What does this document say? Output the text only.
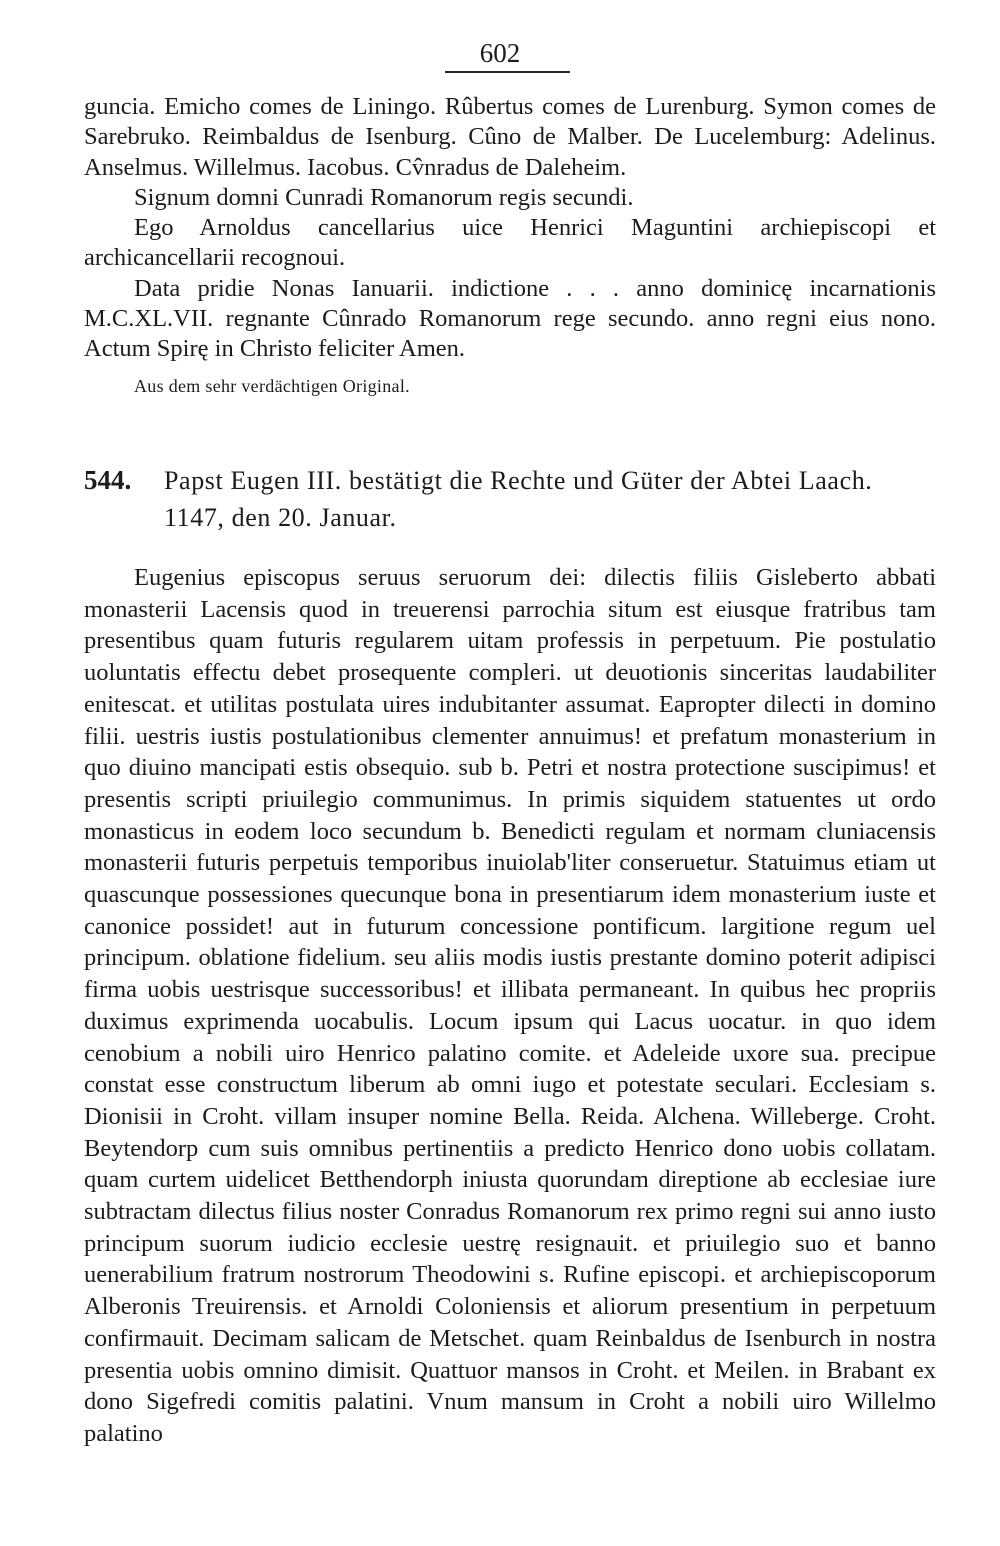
602

guncia. Emicho comes de Liningo. Rûbertus comes de Lurenburg. Symon comes de Sarebruko. Reimbaldus de Isenburg. Cûno de Malber. De Lucelemburg: Adelinus. Anselmus. Willelmus. Iacobus. Cv̂nradus de Daleheim.

Signum domni Cunradi Romanorum regis secundi.

Ego Arnoldus cancellarius uice Henrici Maguntini archiepiscopi et archicancellarii recognoui.

Data pridie Nonas Ianuarii. indictione . . . anno dominicę incarnationis M.C.XL.VII. regnante Cûnrado Romanorum rege secundo. anno regni eius nono. Actum Spirę in Christo feliciter Amen.

Aus dem sehr verdächtigen Original.

544. Papst Eugen III. bestätigt die Rechte und Güter der Abtei Laach.
1147, den 20. Januar.

Eugenius episcopus seruus seruorum dei: dilectis filiis Gisleberto abbati monasterii Lacensis quod in treuerensi parrochia situm est eiusque fratribus tam presentibus quam futuris regularem uitam professis in perpetuum. Pie postulatio uoluntatis effectu debet prosequente compleri. ut deuotionis sinceritas laudabiliter enitescat. et utilitas postulata uires indubitanter assumat. Eapropter dilecti in domino filii. uestris iustis postulationibus clementer annuimus! et prefatum monasterium in quo diuino mancipati estis obsequio. sub b. Petri et nostra protectione suscipimus! et presentis scripti priuilegio communimus. In primis siquidem statuentes ut ordo monasticus in eodem loco secundum b. Benedicti regulam et normam cluniacensis monasterii futuris perpetuis temporibus inuiolab'liter conseruetur. Statuimus etiam ut quascunque possessiones quecunque bona in presentiarum idem monasterium iuste et canonice possidet! aut in futurum concessione pontificum. largitione regum uel principum. oblatione fidelium. seu aliis modis iustis prestante domino poterit adipisci firma uobis uestrisque successoribus! et illibata permaneant. In quibus hec propriis duximus exprimenda uocabulis. Locum ipsum qui Lacus uocatur. in quo idem cenobium a nobili uiro Henrico palatino comite. et Adeleide uxore sua. precipue constat esse constructum liberum ab omni iugo et potestate seculari. Ecclesiam s. Dionisii in Croht. villam insuper nomine Bella. Reida. Alchena. Willeberge. Croht. Beytendorp cum suis omnibus pertinentiis a predicto Henrico dono uobis collatam. quam curtem uidelicet Betthendorph iniusta quorundam direptione ab ecclesiae iure subtractam dilectus filius noster Conradus Romanorum rex primo regni sui anno iusto principum suorum iudicio ecclesie uestrę resignauit. et priuilegio suo et banno uenerabilium fratrum nostrorum Theodowini s. Rufine episcopi. et archiepiscoporum Alberonis Treuirensis. et Arnoldi Coloniensis et aliorum presentium in perpetuum confirmauit. Decimam salicam de Metschet. quam Reinbaldus de Isenburch in nostra presentia uobis omnino dimisit. Quattuor mansos in Croht. et Meilen. in Brabant ex dono Sigefredi comitis palatini. Vnum mansum in Croht a nobili uiro Willelmo palatino
